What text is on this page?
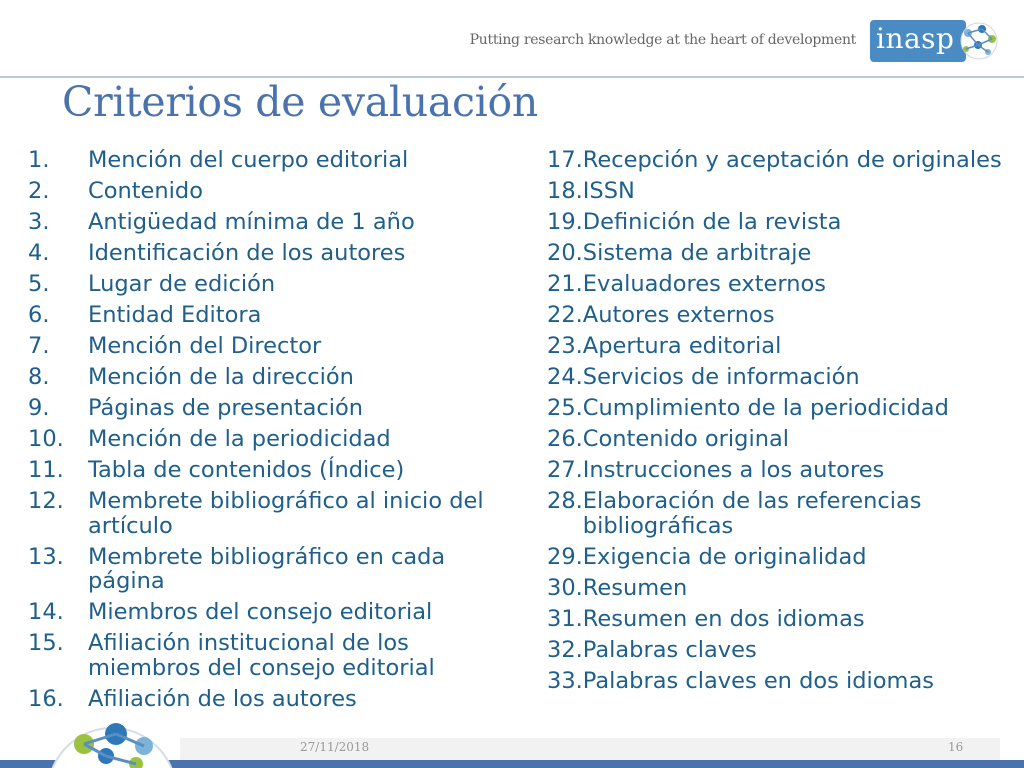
Putting research knowledge at the heart of development inasp
Criterios de evaluación
1.	Mención del cuerpo editorial
2.	Contenido
3.	Antigüedad mínima de 1 año
4.	Identificación de los autores
5.	Lugar de edición
6.	Entidad Editora
7.	Mención del Director
8.	Mención de la dirección
9.	Páginas de presentación
10.	Mención de la periodicidad
11.	Tabla de contenidos (Índice)
12.	Membrete bibliográfico al inicio del artículo
13.	Membrete bibliográfico en cada página
14.	Miembros del consejo editorial
15.	Afiliación institucional de los miembros del consejo editorial
16.	Afiliación de los autores
17. Recepción y aceptación de originales
18. ISSN
19. Definición de la revista
20. Sistema de arbitraje
21. Evaluadores externos
22. Autores externos
23. Apertura editorial
24. Servicios de información
25. Cumplimiento de la periodicidad
26. Contenido original
27. Instrucciones a los autores
28. Elaboración de las referencias bibliográficas
29. Exigencia de originalidad
30. Resumen
31. Resumen en dos idiomas
32. Palabras claves
33. Palabras claves en dos idiomas
27/11/2018	16
